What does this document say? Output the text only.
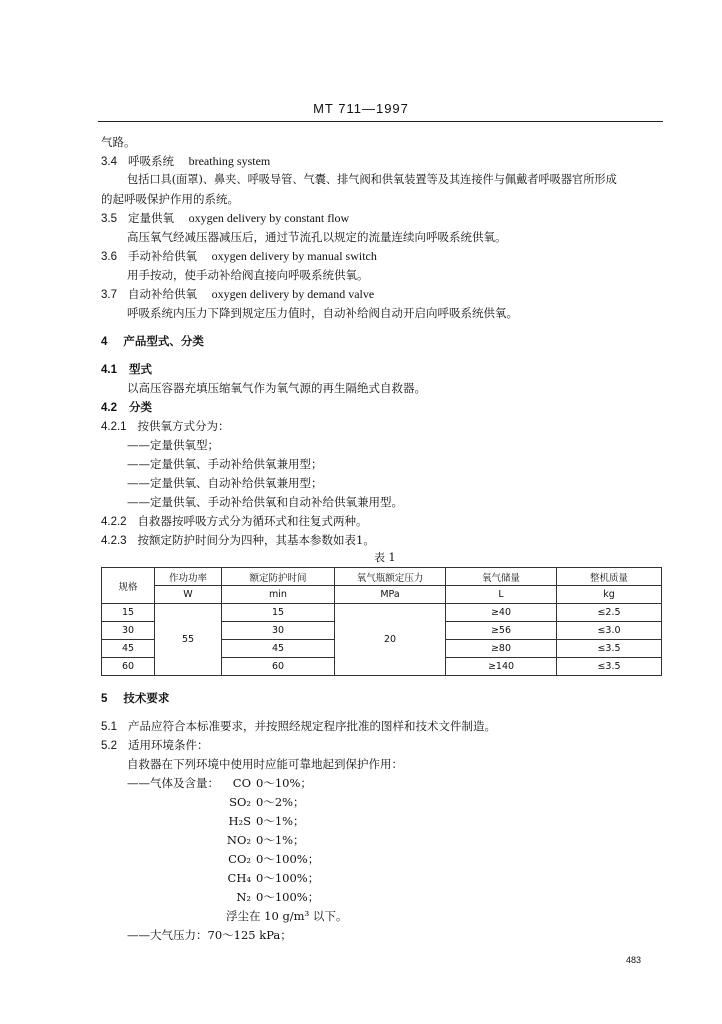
MT 711—1997
气路。
3.4 呼吸系统 breathing system
包括口具(面罩)、鼻夹、呼吸导管、气囊、排气阀和供氧装置等及其连接件与佩戴者呼吸器官所形成
的起呼吸保护作用的系统。
3.5 定量供氧 oxygen delivery by constant flow
高压氧气经减压器减压后，通过节流孔以规定的流量连续向呼吸系统供氧。
3.6 手动补给供氧 oxygen delivery by manual switch
用手按动，使手动补给阀直接向呼吸系统供氧。
3.7 自动补给供氧 oxygen delivery by demand valve
呼吸系统内压力下降到规定压力值时，自动补给阀自动开启向呼吸系统供氧。
4 产品型式、分类
4.1 型式
以高压容器充填压缩氧气作为氧气源的再生隔绝式自救器。
4.2 分类
4.2.1 按供氧方式分为：
——定量供氧型；
——定量供氧、手动补给供氧兼用型；
——定量供氧、自动补给供氧兼用型；
——定量供氧、手动补给供氧和自动补给供氧兼用型。
4.2.2 自救器按呼吸方式分为循环式和往复式两种。
4.2.3 按额定防护时间分为四种，其基本参数如表1。
表 1
规格	作功功率	额定防护时间	氧气瓶额定压力	氧气储量	整机质量
	W	min	MPa	L	kg
15	55	15	20	≥40	≤2.5
30		30		≥56	≤3.0
45		45		≥80	≤3.5
60		60		≥140	≤3.5
5 技术要求
5.1 产品应符合本标准要求，并按照经规定程序批准的图样和技术文件制造。
5.2 适用环境条件：
自救器在下列环境中使用时应能可靠地起到保护作用：
——气体及含量：	CO 0～10%；
SO₂ 0～2%；
H₂S 0～1%；
NO₂ 0～1%；
CO₂ 0～100%；
CH₄ 0～100%；
N₂ 0～100%；
浮尘在 10 g/m³ 以下。
——大气压力：70～125 kPa；
483
